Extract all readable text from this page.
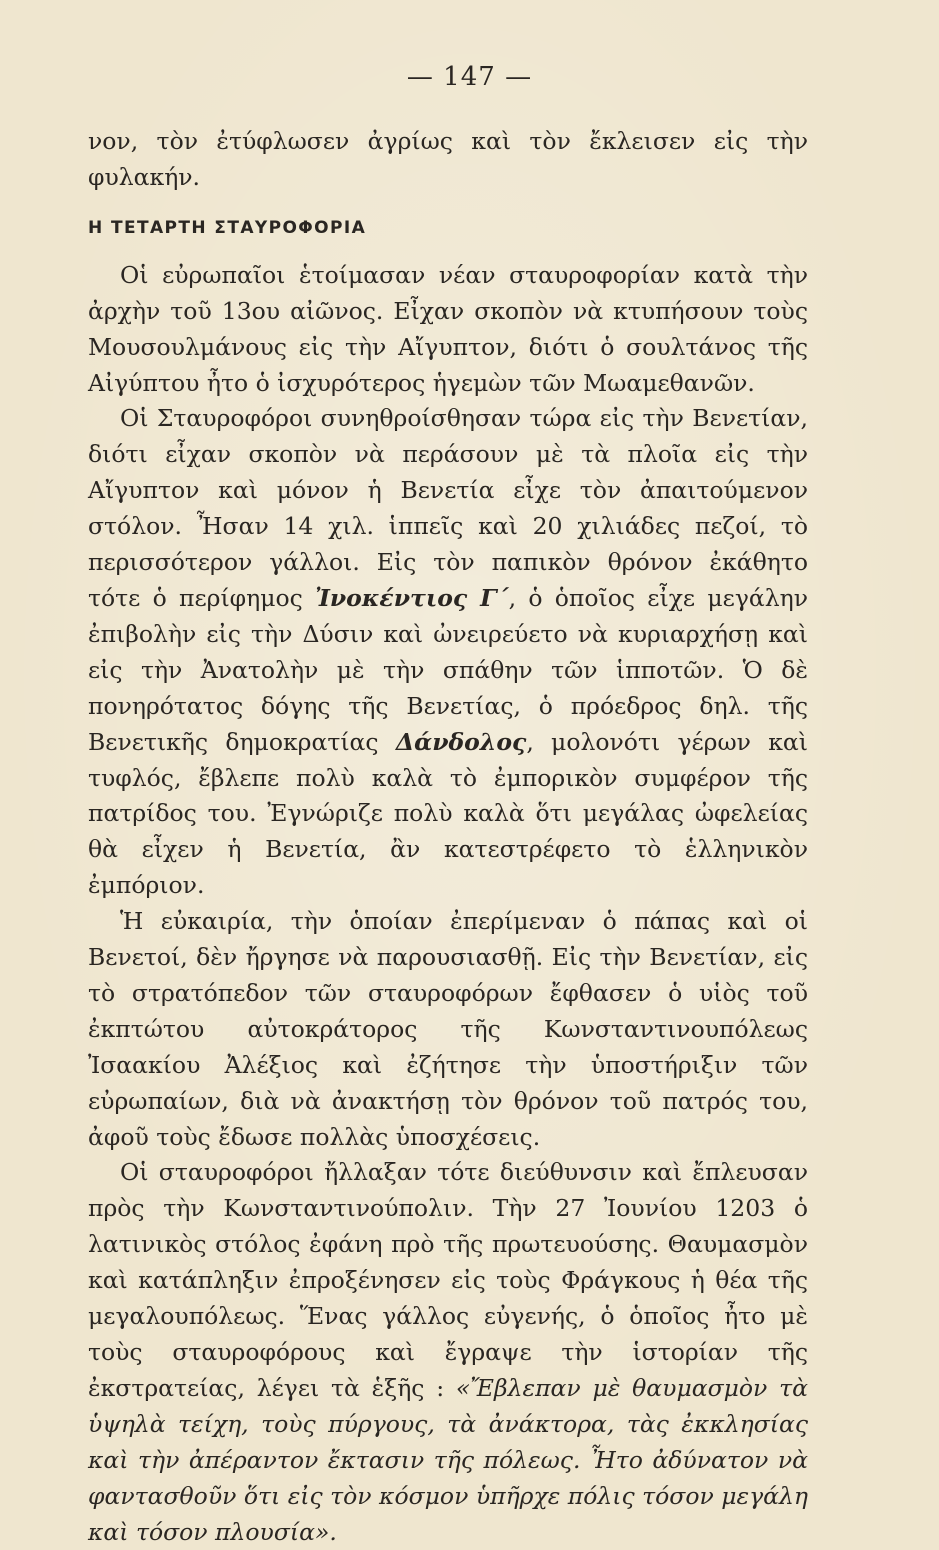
— 147 —

νον, τὸν ἐτύφλωσεν ἀγρίως καὶ τὸν ἔκλεισεν εἰς τὴν φυλακήν.

Η ΤΕΤΑΡΤΗ ΣΤΑΥΡΟΦΟΡΙΑ

Οἱ εὐρωπαῖοι ἑτοίμασαν νέαν σταυροφορίαν κατὰ τὴν ἀρχὴν τοῦ 13ου αἰῶνος. Εἶχαν σκοπὸν νὰ κτυπήσουν τοὺς Μουσουλμάνους εἰς τὴν Αἴγυπτον, διότι ὁ σουλτάνος τῆς Αἰγύπτου ἦτο ὁ ἰσχυρότερος ἡγεμὼν τῶν Μωαμεθανῶν.

Οἱ Σταυροφόροι συνηθροίσθησαν τώρα εἰς τὴν Βενετίαν, διότι εἶχαν σκοπὸν νὰ περάσουν μὲ τὰ πλοῖα εἰς τὴν Αἴγυπτον καὶ μόνον ἡ Βενετία εἶχε τὸν ἀπαιτούμενον στόλον. Ἦσαν 14 χιλ. ἱππεῖς καὶ 20 χιλιάδες πεζοί, τὸ περισσότερον γάλλοι. Εἰς τὸν παπικὸν θρόνον ἐκάθητο τότε ὁ περίφημος Ἰνοκέντιος Γ΄, ὁ ὁποῖος εἶχε μεγάλην ἐπιβολὴν εἰς τὴν Δύσιν καὶ ὠνειρεύετο νὰ κυριαρχήσῃ καὶ εἰς τὴν Ἀνατολὴν μὲ τὴν σπάθην τῶν ἱπποτῶν. Ὁ δὲ πονηρότατος δόγης τῆς Βενετίας, ὁ πρόεδρος δηλ. τῆς Βενετικῆς δημοκρατίας Δάνδολος, μολονότι γέρων καὶ τυφλός, ἔβλεπε πολὺ καλὰ τὸ ἐμπορικὸν συμφέρον τῆς πατρίδος του. Ἐγνώριζε πολὺ καλὰ ὅτι μεγάλας ὠφελείας θὰ εἶχεν ἡ Βενετία, ἂν κατεστρέφετο τὸ ἑλληνικὸν ἐμπόριον.

Ἡ εὐκαιρία, τὴν ὁποίαν ἐπερίμεναν ὁ πάπας καὶ οἱ Βενετοί, δὲν ἤργησε νὰ παρουσιασθῇ. Εἰς τὴν Βενετίαν, εἰς τὸ στρατόπεδον τῶν σταυροφόρων ἔφθασεν ὁ υἱὸς τοῦ ἐκπτώτου αὐτοκράτορος τῆς Κωνσταντινουπόλεως Ἰσαακίου Ἀλέξιος καὶ ἐζήτησε τὴν ὑποστήριξιν τῶν εὐρωπαίων, διὰ νὰ ἀνακτήσῃ τὸν θρόνον τοῦ πατρός του, ἀφοῦ τοὺς ἔδωσε πολλὰς ὑποσχέσεις.

Οἱ σταυροφόροι ἤλλαξαν τότε διεύθυνσιν καὶ ἔπλευσαν πρὸς τὴν Κωνσταντινούπολιν. Τὴν 27 Ἰουνίου 1203 ὁ λατινικὸς στόλος ἐφάνη πρὸ τῆς πρωτευούσης. Θαυμασμὸν καὶ κατάπληξιν ἐπροξένησεν εἰς τοὺς Φράγκους ἡ θέα τῆς μεγαλουπόλεως. Ἕνας γάλλος εὐγενής, ὁ ὁποῖος ἦτο μὲ τοὺς σταυροφόρους καὶ ἔγραψε τὴν ἱστορίαν τῆς ἐκστρατείας, λέγει τὰ ἑξῆς : «Ἔβλεπαν μὲ θαυμασμὸν τὰ ὑψηλὰ τείχη, τοὺς πύργους, τὰ ἀνάκτορα, τὰς ἐκκλησίας καὶ τὴν ἀπέραντον ἔκτασιν τῆς πόλεως. Ἦτο ἀδύνατον νὰ φαντασθοῦν ὅτι εἰς τὸν κόσμον ὑπῆρχε πόλις τόσον μεγάλη καὶ τόσον πλουσία».
